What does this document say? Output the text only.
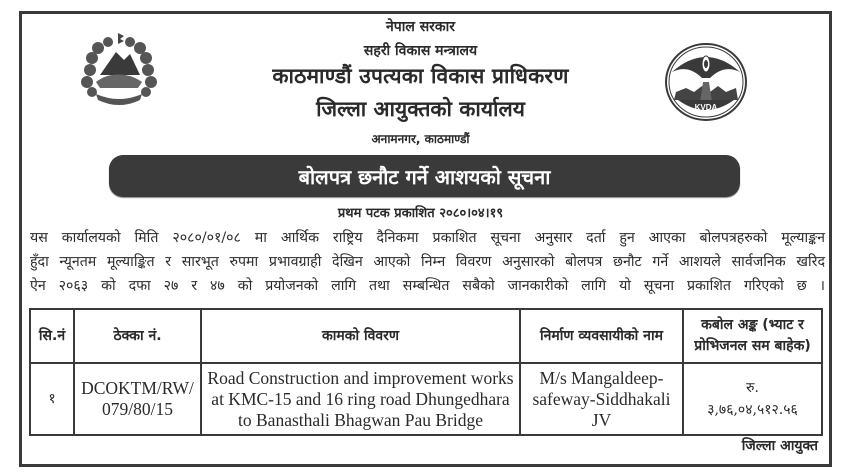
KVDA
नेपाल सरकार
सहरी विकास मन्त्रालय
काठमाण्डौं उपत्यका विकास प्राधिकरण
जिल्ला आयुक्तको कार्यालय
अनामनगर, काठमाण्डौं
बोलपत्र छनौट गर्ने आशयको सूचना
प्रथम पटक प्रकाशित २०८०।०४।१९
यस कार्यालयको मिति २०८०/०१/०८ मा आर्थिक राष्ट्रिय दैनिकमा प्रकाशित सूचना अनुसार दर्ता हुन आएका बोलपत्रहरुको मूल्याङ्कन
हुँदा न्यूनतम मूल्याङ्कित र सारभूत रुपमा प्रभावग्राही देखिन आएको निम्न विवरण अनुसारको बोलपत्र छनौट गर्ने आशयले सार्वजनिक खरिद
ऐन २०६३ को दफा २७ र ४७ को प्रयोजनको लागि तथा सम्बन्धित सबैको जानकारीको लागि यो सूचना प्रकाशित गरिएको छ ।
सि.नं	ठेक्का नं.	कामको विवरण	निर्माण व्यवसायीको नाम	कबोल अङ्क (भ्याट र प्रोभिजनल सम बाहेक)
१	DCOKTM/RW/ 079/80/15	Road Construction and improvement works at KMC-15 and 16 ring road Dhungedhara to Banasthali Bhagwan Pau Bridge	M/s Mangaldeep-safeway-Siddhakali JV	रु.
३,७६,०४,५१२.५६
जिल्ला आयुक्त
